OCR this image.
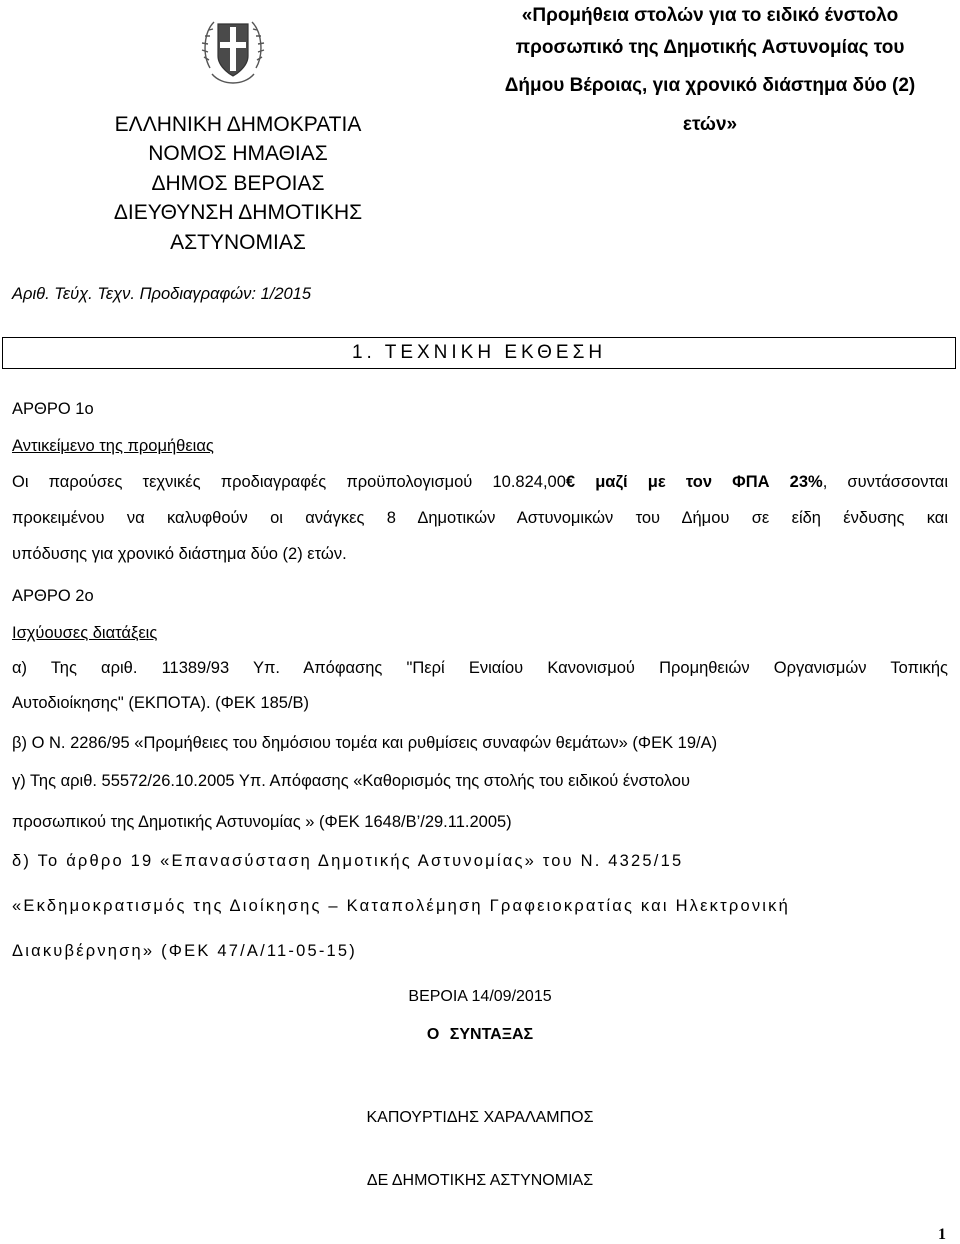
ΕΛΛΗΝΙΚΗ ΔΗΜΟΚΡΑΤΙΑ
ΝΟΜΟΣ ΗΜΑΘΙΑΣ
ΔΗΜΟΣ ΒΕΡΟΙΑΣ
ΔΙΕΥΘΥΝΣΗ ΔΗΜΟΤΙΚΗΣ
ΑΣΤΥΝΟΜΙΑΣ
«Προμήθεια στολών για το ειδικό ένστολο
προσωπικό της Δημοτικής Αστυνομίας του
Δήμου Βέροιας, για χρονικό διάστημα δύο (2)
ετών»
Αριθ. Τεύχ. Τεχν. Προδιαγραφών: 1/2015
1. ΤΕΧΝΙΚΗ ΕΚΘΕΣΗ
ΑΡΘΡΟ 1ο
Αντικείμενο της προμήθειας
Οι παρούσες τεχνικές προδιαγραφές προϋπολογισμού 10.824,00€ μαζί με τον ΦΠΑ 23%, συντάσσονται
προκειμένου να καλυφθούν οι ανάγκες 8 Δημοτικών Αστυνομικών του Δήμου σε είδη ένδυσης και
υπόδυσης για χρονικό διάστημα δύο (2) ετών.
ΑΡΘΡΟ 2ο
Ισχύουσες διατάξεις
α) Της αριθ. 11389/93 Υπ. Απόφασης "Περί Ενιαίου Κανονισμού Προμηθειών Οργανισμών Τοπικής
Αυτοδιοίκησης" (ΕΚΠΟΤΑ). (ΦΕΚ 185/Β)
β) Ο Ν. 2286/95 «Προμήθειες του δημόσιου τομέα και ρυθμίσεις συναφών θεμάτων» (ΦΕΚ 19/Α)
γ) Της αριθ. 55572/26.10.2005 Υπ. Απόφασης «Καθορισμός της στολής του ειδικού ένστολου
προσωπικού της Δημοτικής Αστυνομίας » (ΦΕΚ 1648/Β’/29.11.2005)
δ) Το άρθρο 19 «Επανασύσταση Δημοτικής Αστυνομίας» του Ν. 4325/15
«Εκδημοκρατισμός της Διοίκησης – Καταπολέμηση Γραφειοκρατίας και Ηλεκτρονική
Διακυβέρνηση» (ΦΕΚ 47/Α/11-05-15)
ΒΕΡΟΙΑ 14/09/2015
Ο ΣΥΝΤΑΞΑΣ
ΚΑΠΟΥΡΤΙΔΗΣ ΧΑΡΑΛΑΜΠΟΣ
ΔΕ ΔΗΜΟΤΙΚΗΣ ΑΣΤΥΝΟΜΙΑΣ
1
